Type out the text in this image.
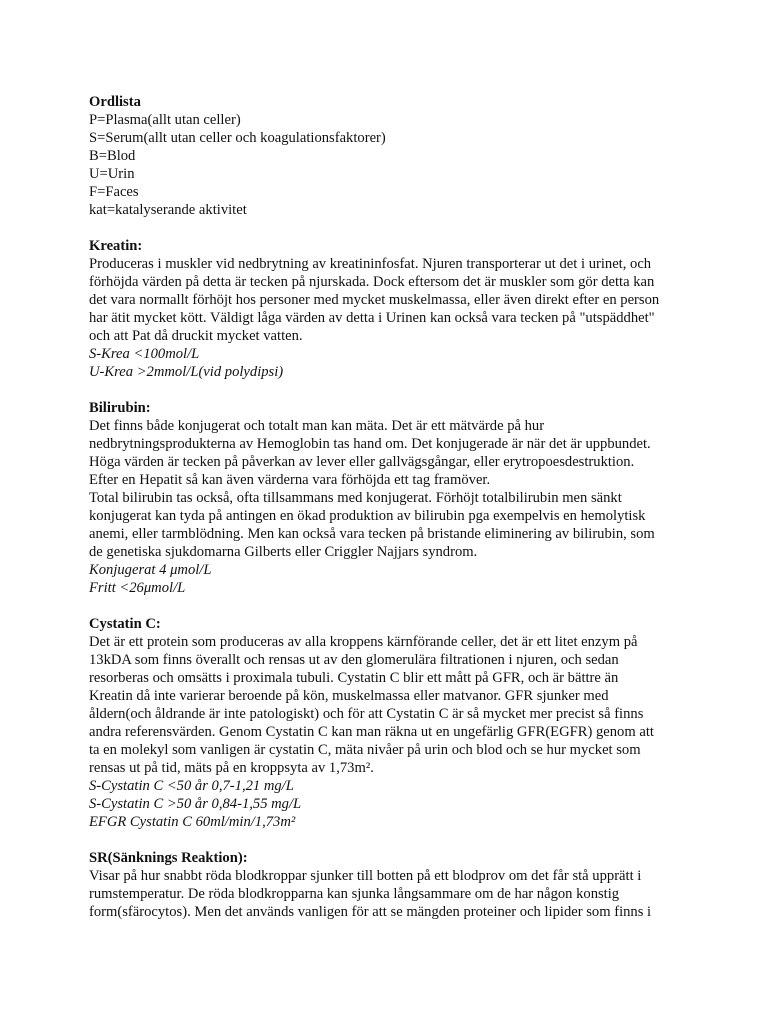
Ordlista
P=Plasma(allt utan celler)
S=Serum(allt utan celler och koagulationsfaktorer)
B=Blod
U=Urin
F=Faces
kat=katalyserande aktivitet
Kreatin:
Produceras i muskler vid nedbrytning av kreatininfosfat. Njuren transporterar ut det i urinet, och
förhöjda värden på detta är tecken på njurskada. Dock eftersom det är muskler som gör detta kan
det vara normallt förhöjt hos personer med mycket muskelmassa, eller även direkt efter en person
har ätit mycket kött. Väldigt låga värden av detta i Urinen kan också vara tecken på "utspäddhet"
och att Pat då druckit mycket vatten.
S-Krea <100mol/L
U-Krea >2mmol/L(vid polydipsi)
Bilirubin:
Det finns både konjugerat och totalt man kan mäta. Det är ett mätvärde på hur
nedbrytningsprodukterna av Hemoglobin tas hand om. Det konjugerade är när det är uppbundet.
Höga värden är tecken på påverkan av lever eller gallvägsgångar, eller erytropoesdestruktion.
Efter en Hepatit så kan även värderna vara förhöjda ett tag framöver.
Total bilirubin tas också, ofta tillsammans med konjugerat. Förhöjt totalbilirubin men sänkt
konjugerat kan tyda på antingen en ökad produktion av bilirubin pga exempelvis en hemolytisk
anemi, eller tarmblödning. Men kan också vara tecken på bristande eliminering av bilirubin, som
de genetiska sjukdomarna Gilberts eller Criggler Najjars syndrom.
Konjugerat 4 μmol/L
Fritt <26μmol/L
Cystatin C:
Det är ett protein som produceras av alla kroppens kärnförande celler, det är ett litet enzym på
13kDA som finns överallt och rensas ut av den glomerulära filtrationen i njuren, och sedan
resorberas och omsätts i proximala tubuli. Cystatin C blir ett mått på GFR, och är bättre än
Kreatin då inte varierar beroende på kön, muskelmassa eller matvanor. GFR sjunker med
åldern(och åldrande är inte patologiskt) och för att Cystatin C är så mycket mer precist så finns
andra referensvärden. Genom Cystatin C kan man räkna ut en ungefärlig GFR(EGFR) genom att
ta en molekyl som vanligen är cystatin C, mäta nivåer på urin och blod och se hur mycket som
rensas ut på tid, mäts på en kroppsyta av 1,73m².
S-Cystatin C <50 år 0,7-1,21 mg/L
S-Cystatin C >50 år 0,84-1,55 mg/L
EFGR Cystatin C 60ml/min/1,73m²
SR(Sänknings Reaktion):
Visar på hur snabbt röda blodkroppar sjunker till botten på ett blodprov om det får stå upprätt i
rumstemperatur. De röda blodkropparna kan sjunka långsammare om de har någon konstig
form(sfärocytos). Men det används vanligen för att se mängden proteiner och lipider som finns i
